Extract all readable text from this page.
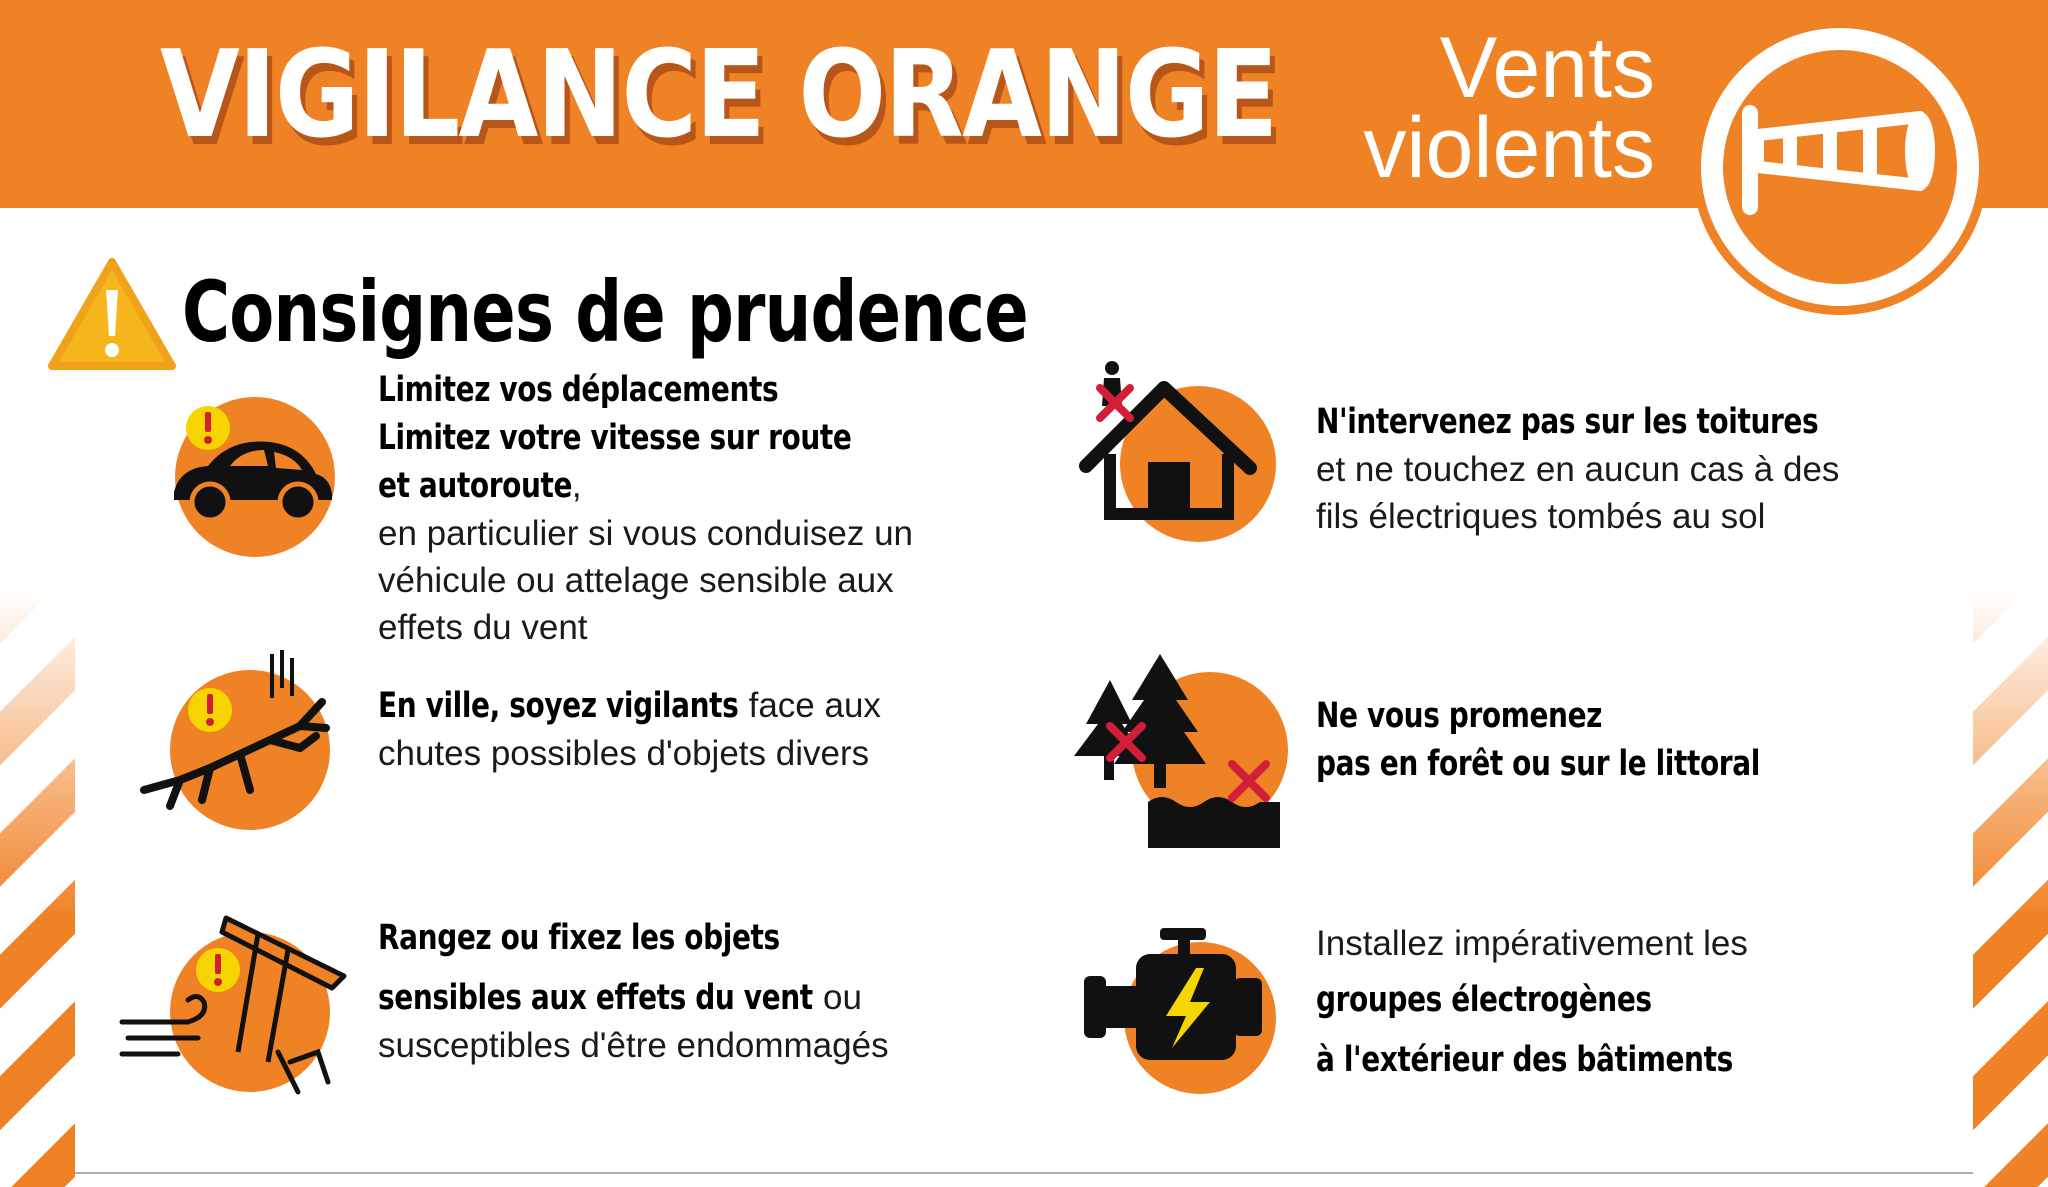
VIGILANCE ORANGE	Vents
violents
Consignes de prudence
Limitez vos déplacements
Limitez votre vitesse sur route
et autoroute,
en particulier si vous conduisez un
véhicule ou attelage sensible aux
effets du vent
En ville, soyez vigilants face aux
chutes possibles d'objets divers
Rangez ou fixez les objets
sensibles aux effets du vent ou
susceptibles d'être endommagés
N'intervenez pas sur les toitures
et ne touchez en aucun cas à des
fils électriques tombés au sol
Ne vous promenez
pas en forêt ou sur le littoral
Installez impérativement les
groupes électrogènes
à l'extérieur des bâtiments
